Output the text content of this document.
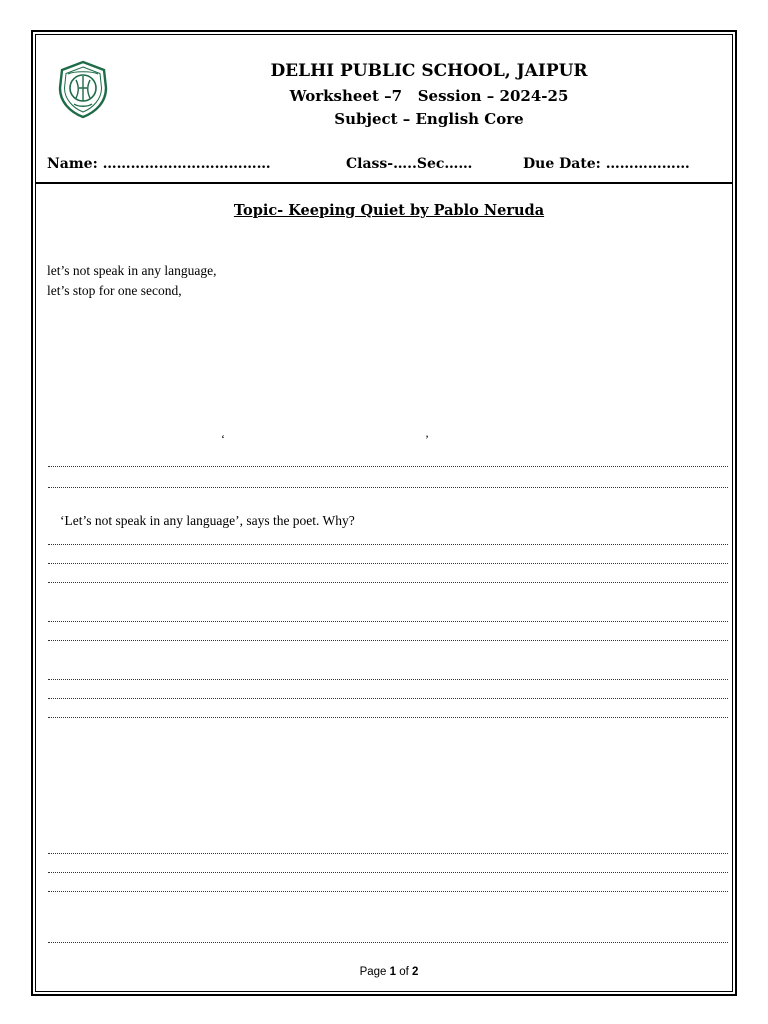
DELHI PUBLIC SCHOOL, JAIPUR
Worksheet –7   Session – 2024-25
Subject – English Core
Name: ………………………………	Class-…..Sec……	Due Date: ………………
Topic- Keeping Quiet by Pablo Neruda
let’s not speak in any language,
let’s stop for one second,
‘	’
‘Let’s not speak in any language’, says the poet. Why?
Page 1 of 2
